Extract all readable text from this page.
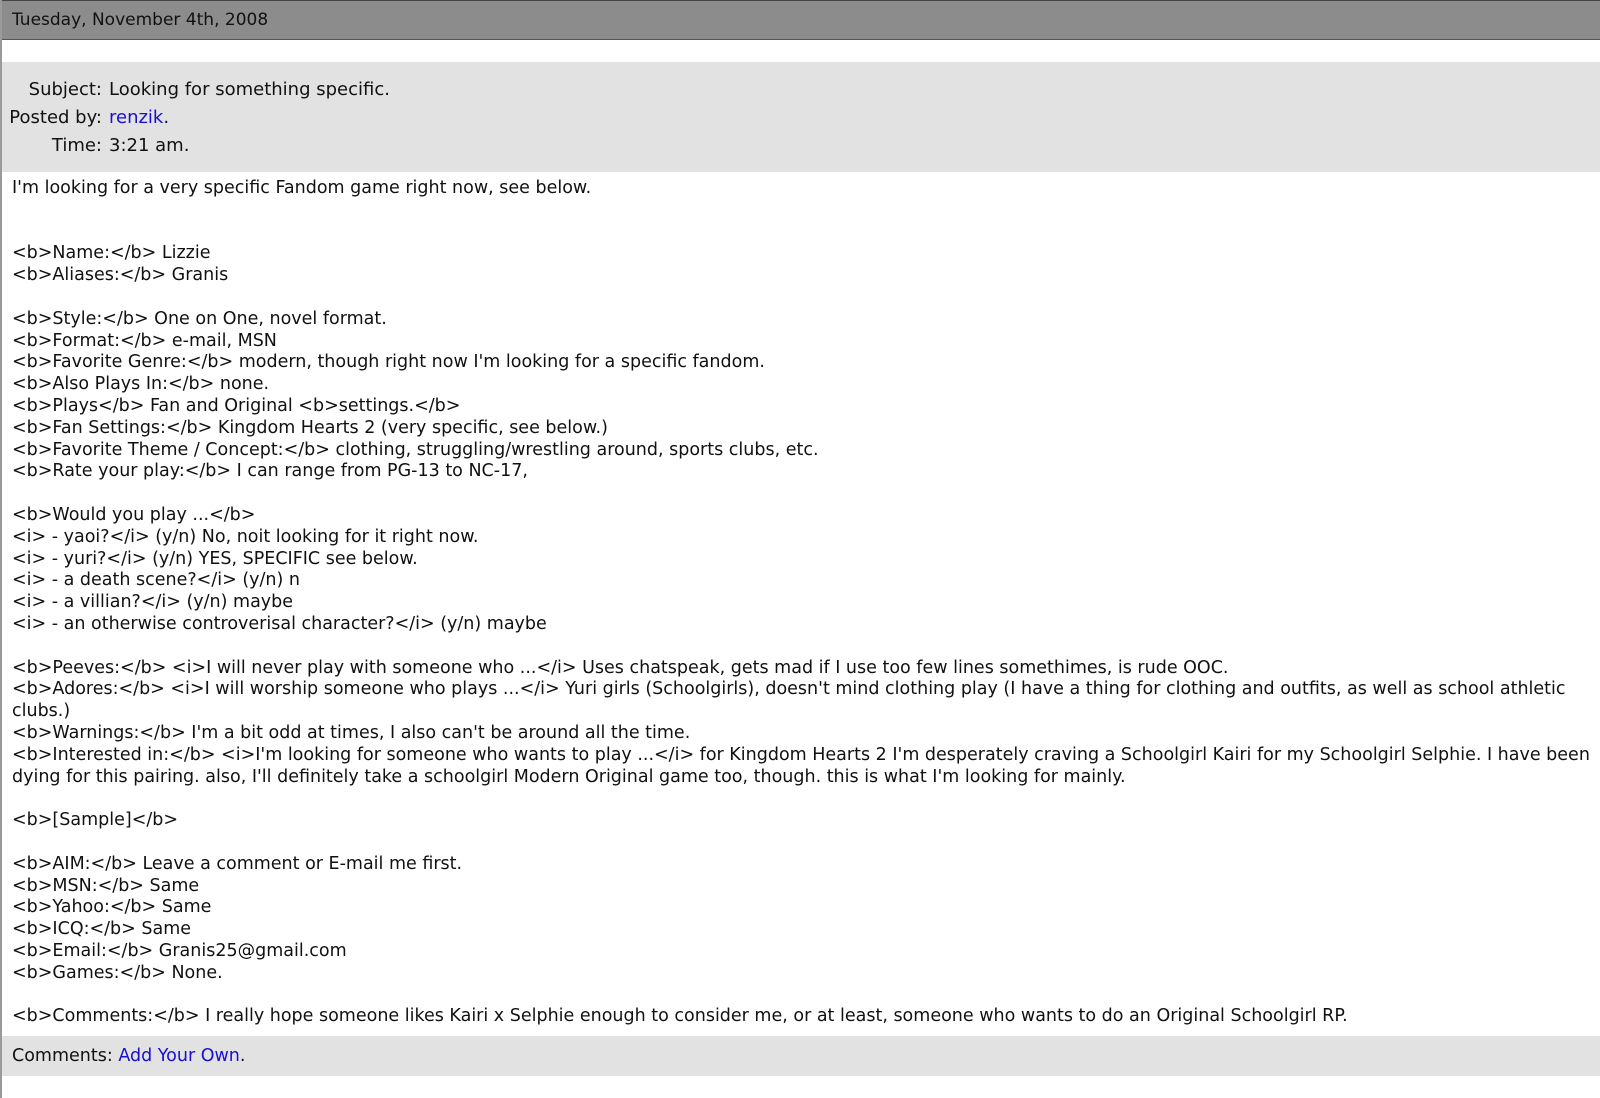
Tuesday, November 4th, 2008
Subject: Looking for something specific.
Posted by: renzik.
Time: 3:21 am.
I'm looking for a very specific Fandom game right now, see below.
<b>Name:</b> Lizzie
<b>Aliases:</b> Granis
<b>Style:</b> One on One, novel format.
<b>Format:</b> e-mail, MSN
<b>Favorite Genre:</b> modern, though right now I'm looking for a specific fandom.
<b>Also Plays In:</b> none.
<b>Plays</b> Fan and Original <b>settings.</b>
<b>Fan Settings:</b> Kingdom Hearts 2 (very specific, see below.)
<b>Favorite Theme / Concept:</b> clothing, struggling/wrestling around, sports clubs, etc.
<b>Rate your play:</b> I can range from PG-13 to NC-17,
<b>Would you play ...</b>
<i> - yaoi?</i> (y/n) No, noit looking for it right now.
<i> - yuri?</i> (y/n) YES, SPECIFIC see below.
<i> - a death scene?</i> (y/n) n
<i> - a villian?</i> (y/n) maybe
<i> - an otherwise controverisal character?</i> (y/n) maybe
<b>Peeves:</b> <i>I will never play with someone who ...</i> Uses chatspeak, gets mad if I use too few lines somethimes, is rude OOC.
<b>Adores:</b> <i>I will worship someone who plays ...</i> Yuri girls (Schoolgirls), doesn't mind clothing play (I have a thing for clothing and outfits, as well as school athletic clubs.)
<b>Warnings:</b> I'm a bit odd at times, I also can't be around all the time.
<b>Interested in:</b> <i>I'm looking for someone who wants to play ...</i> for Kingdom Hearts 2 I'm desperately craving a Schoolgirl Kairi for my Schoolgirl Selphie. I have been dying for this pairing. also, I'll definitely take a schoolgirl Modern Original game too, though. this is what I'm looking for mainly.
<b>[Sample]</b>
<b>AIM:</b> Leave a comment or E-mail me first.
<b>MSN:</b> Same
<b>Yahoo:</b> Same
<b>ICQ:</b> Same
<b>Email:</b> Granis25@gmail.com
<b>Games:</b> None.
<b>Comments:</b> I really hope someone likes Kairi x Selphie enough to consider me, or at least, someone who wants to do an Original Schoolgirl RP.
Comments: Add Your Own.
